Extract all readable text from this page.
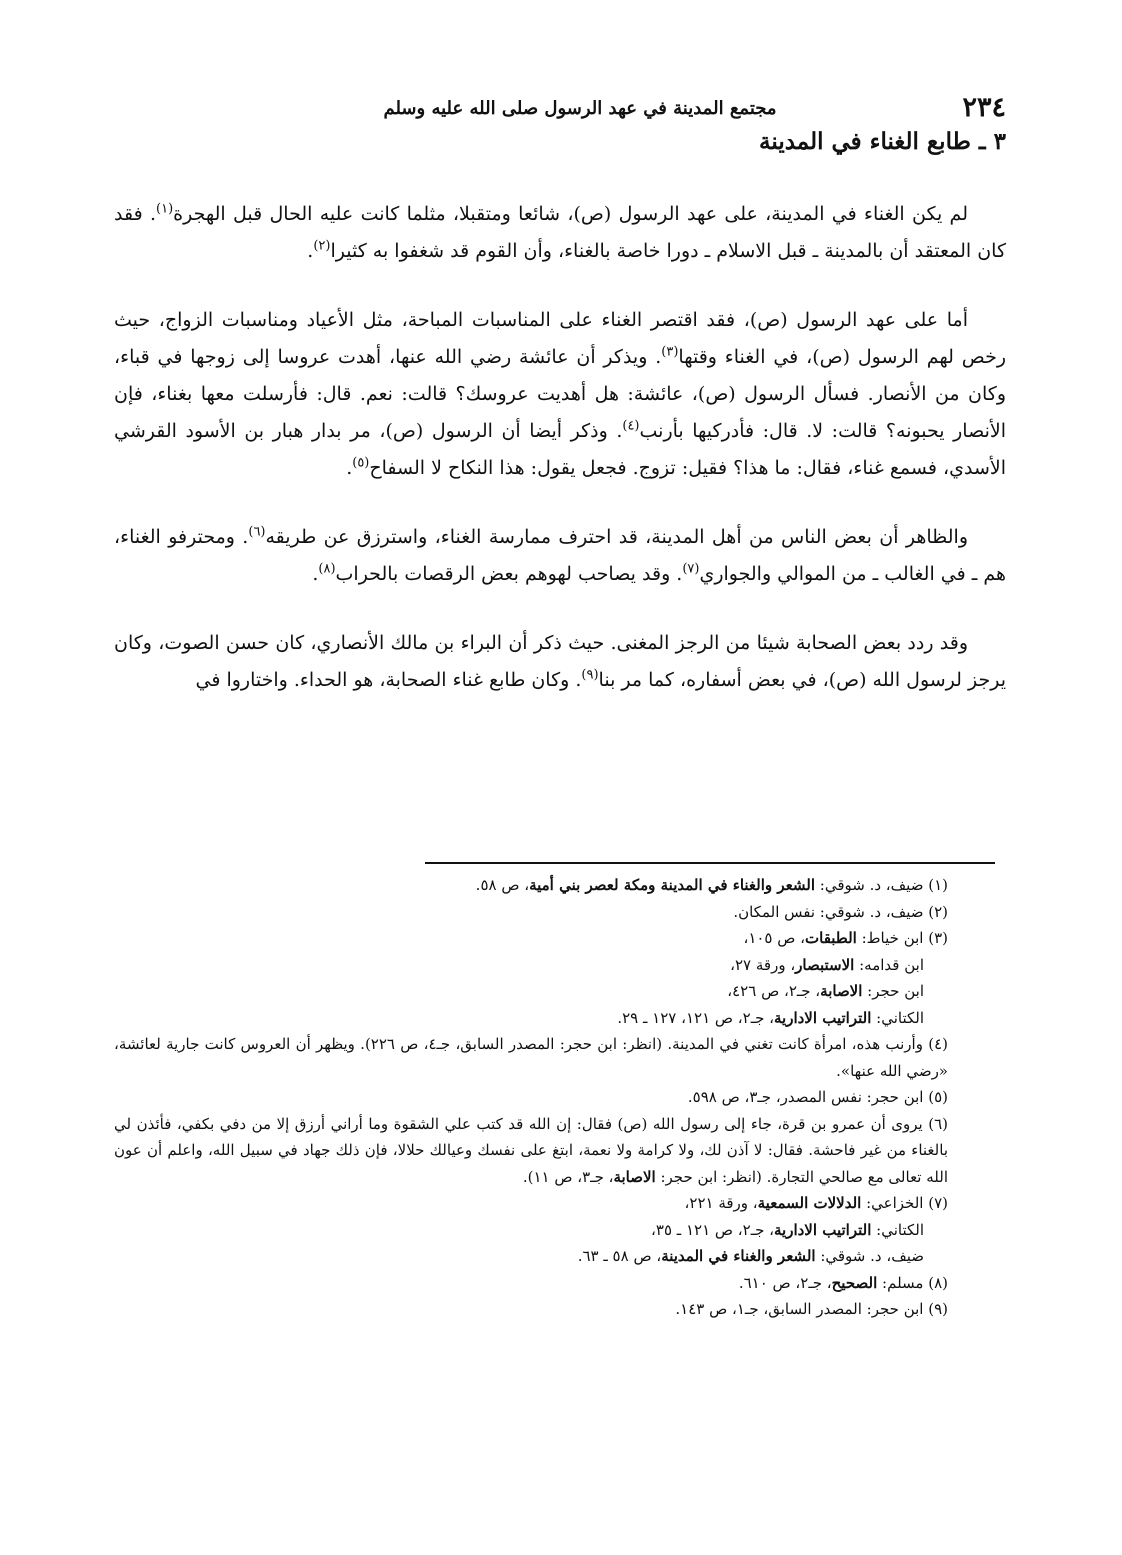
٢٣٤
مجتمع المدينة في عهد الرسول صلى الله عليه وسلم
٣ ـ طابع الغناء في المدينة

لم يكن الغناء في المدينة، على عهد الرسول (ص)، شائعا ومتقبلا، مثلما كانت عليه الحال قبل الهجرة$^{(١)}$. فقد كان المعتقد أن بالمدينة ـ قبل الاسلام ـ دورا خاصة بالغناء، وأن القوم قد شغفوا به كثيرا$^{(٢)}$.

أما على عهد الرسول (ص)، فقد اقتصر الغناء على المناسبات المباحة، مثل الأعياد ومناسبات الزواج، حيث رخص لهم الرسول (ص)، في الغناء وقتها$^{(٣)}$. ويذكر أن عائشة رضي الله عنها، أهدت عروسا إلى زوجها في قباء، وكان من الأنصار. فسأل الرسول (ص)، عائشة: هل أهديت عروسك؟ قالت: نعم. قال: فأرسلت معها بغناء، فإن الأنصار يحبونه؟ قالت: لا. قال: فأدركيها بأرنب$^{(٤)}$. وذكر أيضا أن الرسول (ص)، مر بدار هبار بن الأسود القرشي الأسدي، فسمع غناء، فقال: ما هذا؟ فقيل: تزوج. فجعل يقول: هذا النكاح لا السفاح$^{(٥)}$.

والظاهر أن بعض الناس من أهل المدينة، قد احترف ممارسة الغناء، واسترزق عن طريقه$^{(٦)}$. ومحترفو الغناء، هم ـ في الغالب ـ من الموالي والجواري$^{(٧)}$. وقد يصاحب لهوهم بعض الرقصات بالحراب$^{(٨)}$.

وقد ردد بعض الصحابة شيئا من الرجز المغنى. حيث ذكر أن البراء بن مالك الأنصاري، كان حسن الصوت، وكان يرجز لرسول الله (ص)، في بعض أسفاره، كما مر بنا$^{(٩)}$. وكان طابع غناء الصحابة، هو الحداء. واختاروا في

(١) ضيف، د. شوقي: الشعر والغناء في المدينة ومكة لعصر بني أمية، ص ٥٨.
(٢) ضيف، د. شوقي: نفس المكان.
(٣) ابن خياط: الطبقات، ص ١٠٥،
ابن قدامه: الاستبصار، ورقة ٢٧،
ابن حجر: الاصابة، جـ٢، ص ٤٢٦،
الكتاني: التراتيب الادارية، جـ٢، ص ١٢١، ١٢٧ ـ ٢٩.
(٤) وأرنب هذه، امرأة كانت تغني في المدينة. (انظر: ابن حجر: المصدر السابق، جـ٤، ص ٢٢٦). ويظهر أن العروس كانت جارية لعائشة، «رضي الله عنها».
(٥) ابن حجر: نفس المصدر، جـ٣، ص ٥٩٨.
(٦) يروى أن عمرو بن قرة، جاء إلى رسول الله (ص) فقال: إن الله قد كتب علي الشقوة وما أراني أرزق إلا من دفي بكفي، فأئذن لي بالغناء من غير فاحشة. فقال: لا آذن لك، ولا كرامة ولا نعمة، ابتغ على نفسك وعيالك حلالا، فإن ذلك جهاد في سبيل الله، واعلم أن عون الله تعالى مع صالحي التجارة. (انظر: ابن حجر: الاصابة، جـ٣، ص ١١).
(٧) الخزاعي: الدلالات السمعية، ورقة ٢٢١،
الكتاني: التراتيب الادارية، جـ٢، ص ١٢١ ـ ٣٥،
ضيف، د. شوقي: الشعر والغناء في المدينة، ص ٥٨ ـ ٦٣.
(٨) مسلم: الصحيح، جـ٢، ص ٦١٠.
(٩) ابن حجر: المصدر السابق، جـ١، ص ١٤٣.
